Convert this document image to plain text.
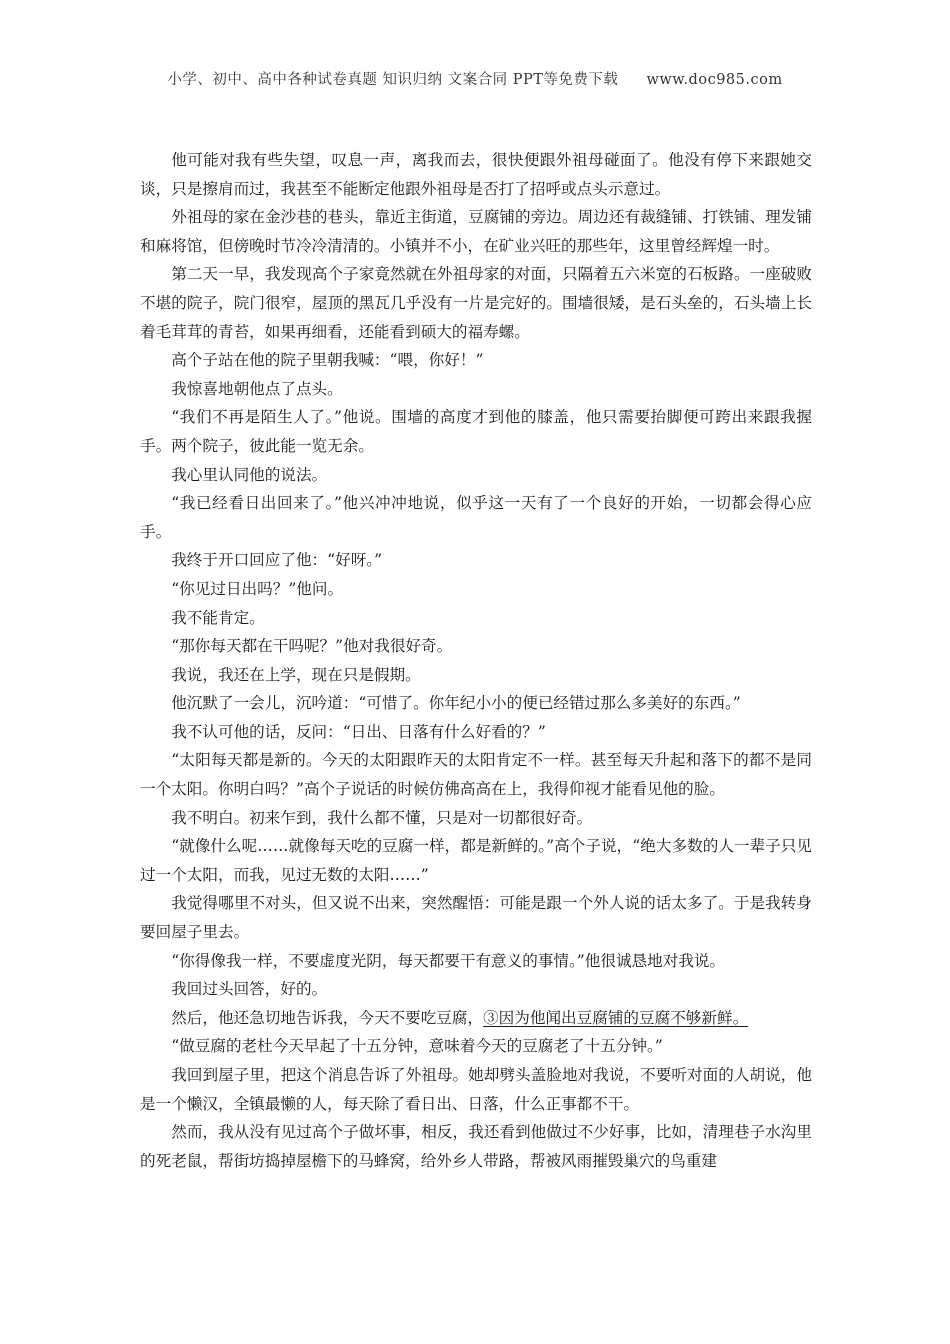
小学、初中、高中各种试卷真题 知识归纳 文案合同 PPT等免费下载 www.doc985.com

他可能对我有些失望，叹息一声，离我而去，很快便跟外祖母碰面了。他没有停下来跟她交谈，只是擦肩而过，我甚至不能断定他跟外祖母是否打了招呼或点头示意过。

外祖母的家在金沙巷的巷头，靠近主街道，豆腐铺的旁边。周边还有裁缝铺、打铁铺、理发铺和麻将馆，但傍晚时节冷冷清清的。小镇并不小，在矿业兴旺的那些年，这里曾经辉煌一时。

第二天一早，我发现高个子家竟然就在外祖母家的对面，只隔着五六米宽的石板路。一座破败不堪的院子，院门很窄，屋顶的黑瓦几乎没有一片是完好的。围墙很矮，是石头垒的，石头墙上长着毛茸茸的青苔，如果再细看，还能看到硕大的福寿螺。

高个子站在他的院子里朝我喊：“喂，你好！”

我惊喜地朝他点了点头。

“我们不再是陌生人了。”他说。围墙的高度才到他的膝盖，他只需要抬脚便可跨出来跟我握手。两个院子，彼此能一览无余。

我心里认同他的说法。

“我已经看日出回来了。”他兴冲冲地说，似乎这一天有了一个良好的开始，一切都会得心应手。

我终于开口回应了他：“好呀。”

“你见过日出吗？”他问。

我不能肯定。

“那你每天都在干吗呢？”他对我很好奇。

我说，我还在上学，现在只是假期。

他沉默了一会儿，沉吟道：“可惜了。你年纪小小的便已经错过那么多美好的东西。”

我不认可他的话，反问：“日出、日落有什么好看的？”

“太阳每天都是新的。今天的太阳跟昨天的太阳肯定不一样。甚至每天升起和落下的都不是同一个太阳。你明白吗？”高个子说话的时候仿佛高高在上，我得仰视才能看见他的脸。

我不明白。初来乍到，我什么都不懂，只是对一切都很好奇。

“就像什么呢……就像每天吃的豆腐一样，都是新鲜的。”高个子说，“绝大多数的人一辈子只见过一个太阳，而我，见过无数的太阳……”

我觉得哪里不对头，但又说不出来，突然醒悟：可能是跟一个外人说的话太多了。于是我转身要回屋子里去。

“你得像我一样，不要虚度光阴，每天都要干有意义的事情。”他很诚恳地对我说。

我回过头回答，好的。

然后，他还急切地告诉我，今天不要吃豆腐，③因为他闻出豆腐铺的豆腐不够新鲜。

“做豆腐的老杜今天早起了十五分钟，意味着今天的豆腐老了十五分钟。”

我回到屋子里，把这个消息告诉了外祖母。她却劈头盖脸地对我说，不要听对面的人胡说，他是一个懒汉，全镇最懒的人，每天除了看日出、日落，什么正事都不干。

然而，我从没有见过高个子做坏事，相反，我还看到他做过不少好事，比如，清理巷子水沟里的死老鼠，帮街坊捣掉屋檐下的马蜂窝，给外乡人带路，帮被风雨摧毁巢穴的鸟重建
